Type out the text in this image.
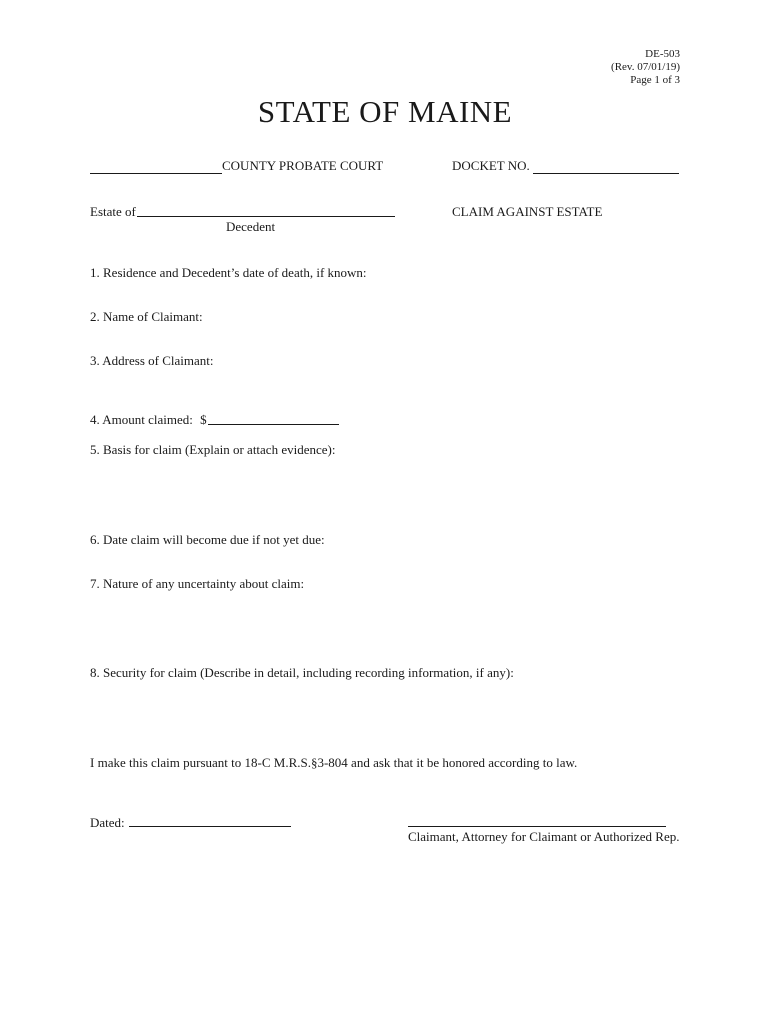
DE-503
(Rev. 07/01/19)
Page 1 of 3
STATE OF MAINE
COUNTY PROBATE COURT	DOCKET NO.
Estate of	CLAIM AGAINST ESTATE
Decedent
1. Residence and Decedent’s date of death, if known:
2. Name of Claimant:
3. Address of Claimant:
4. Amount claimed: $
5. Basis for claim (Explain or attach evidence):
6. Date claim will become due if not yet due:
7. Nature of any uncertainty about claim:
8. Security for claim (Describe in detail, including recording information, if any):
I make this claim pursuant to 18-C M.R.S.§3-804 and ask that it be honored according to law.
Dated:
Claimant, Attorney for Claimant or Authorized Rep.
